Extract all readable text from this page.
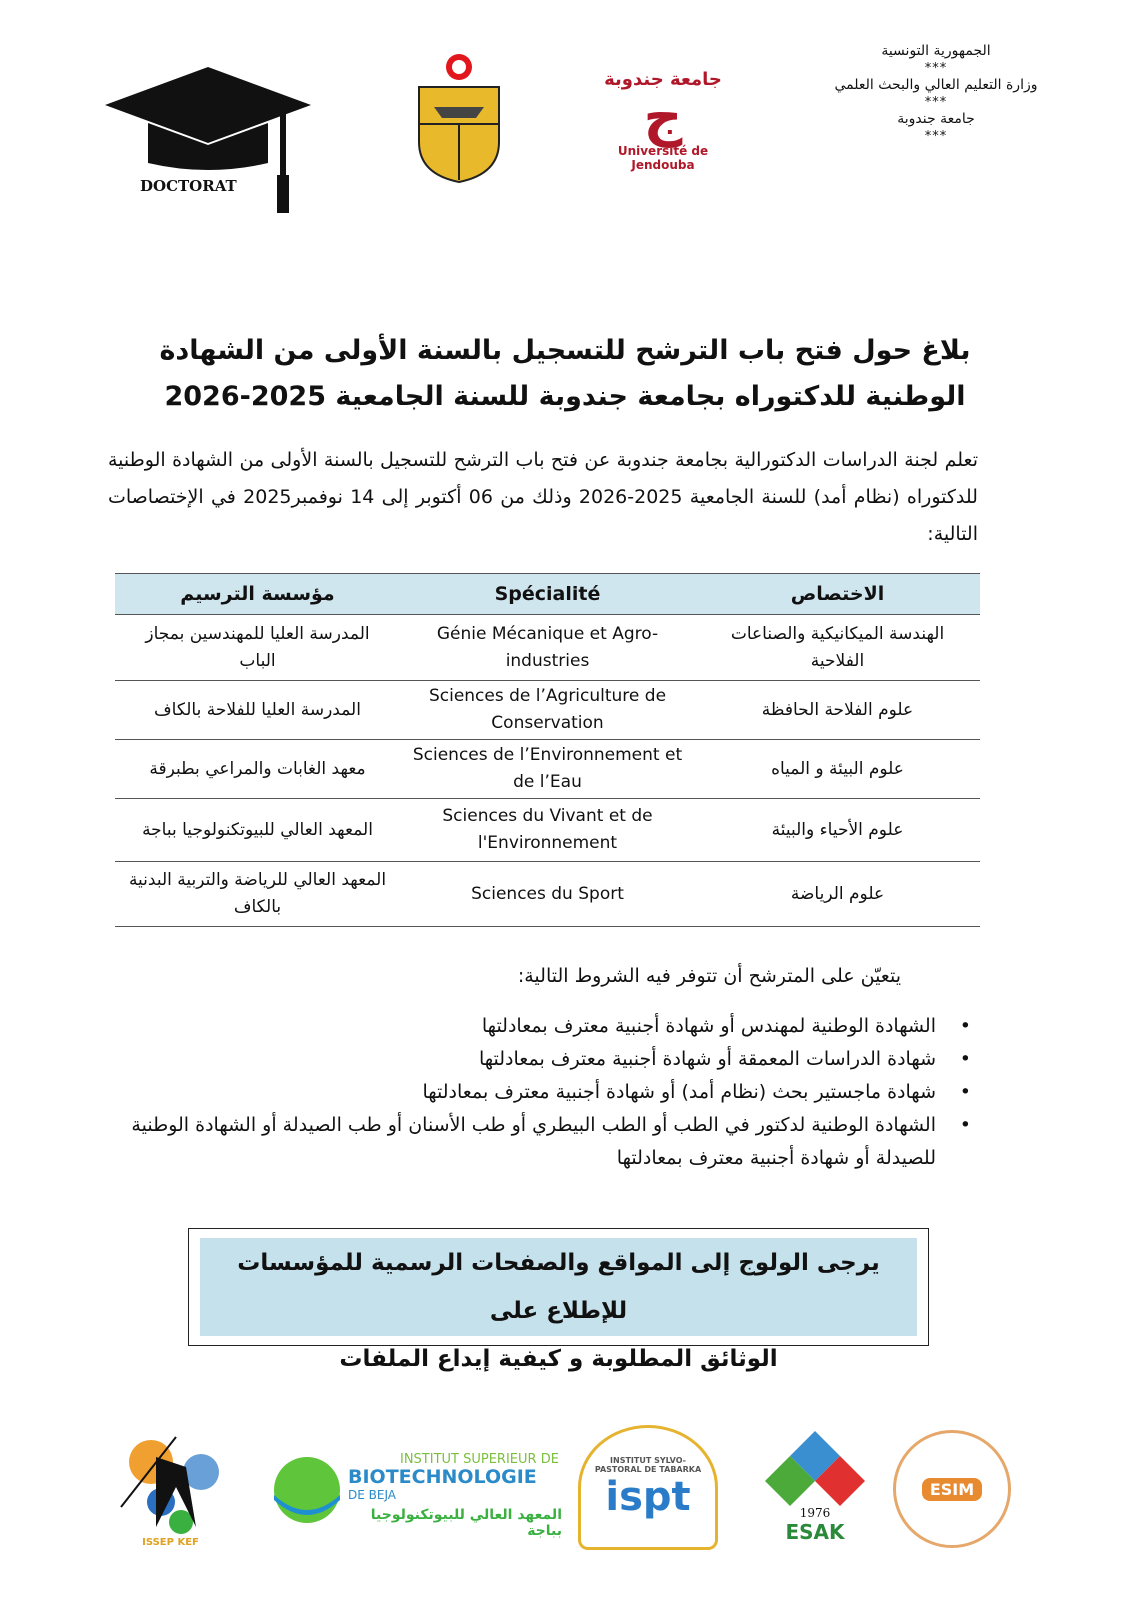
DOCTORAT
جامعة جندوبة
ج
Université de Jendouba
الجمهورية التونسية
***
وزارة التعليم العالي والبحث العلمي
***
جامعة جندوبة
***
بلاغ حول فتح باب الترشح للتسجيل بالسنة الأولى من الشهادة
الوطنية للدكتوراه بجامعة جندوبة للسنة الجامعية 2025-2026
تعلم لجنة الدراسات الدكتورالية بجامعة جندوبة عن فتح باب الترشح للتسجيل بالسنة الأولى من الشهادة الوطنية للدكتوراه (نظام أمد) للسنة الجامعية 2025-2026 وذلك من 06 أكتوبر إلى 14 نوفمبر2025 في الإختصاصات التالية:
الاختصاص	Spécialité	مؤسسة الترسيم
الهندسة الميكانيكية والصناعات الفلاحية	Génie Mécanique et Agro-industries	المدرسة العليا للمهندسين بمجاز الباب
علوم الفلاحة الحافظة	Sciences de l’Agriculture de Conservation	المدرسة العليا للفلاحة بالكاف
علوم البيئة و المياه	Sciences de l’Environnement et de l’Eau	معهد الغابات والمراعي بطبرقة
علوم الأحياء والبيئة	Sciences du Vivant et de l'Environnement	المعهد العالي للبيوتكنولوجيا بباجة
علوم الرياضة	Sciences du Sport	المعهد العالي للرياضة والتربية البدنية بالكاف
يتعيّن على المترشح أن تتوفر فيه الشروط التالية:
• الشهادة الوطنية لمهندس أو شهادة أجنبية معترف بمعادلتها
• شهادة الدراسات المعمقة أو شهادة أجنبية معترف بمعادلتها
• شهادة ماجستير بحث (نظام أمد) أو شهادة أجنبية معترف بمعادلتها
• الشهادة الوطنية لدكتور في الطب أو الطب البيطري أو طب الأسنان أو طب الصيدلة أو الشهادة الوطنية للصيدلة أو شهادة أجنبية معترف بمعادلتها
يرجى الولوج إلى المواقع والصفحات الرسمية للمؤسسات للإطلاع على
الوثائق المطلوبة و كيفية إيداع الملفات
ISSEP KEF
INSTITUT SUPERIEUR DE
BIOTECHNOLOGIE
DE BEJA
المعهد العالي للبيوتكنولوجيا بباجة
INSTITUT SYLVO-PASTORAL DE TABARKA
ispt	1976
ESAK
ESIM
